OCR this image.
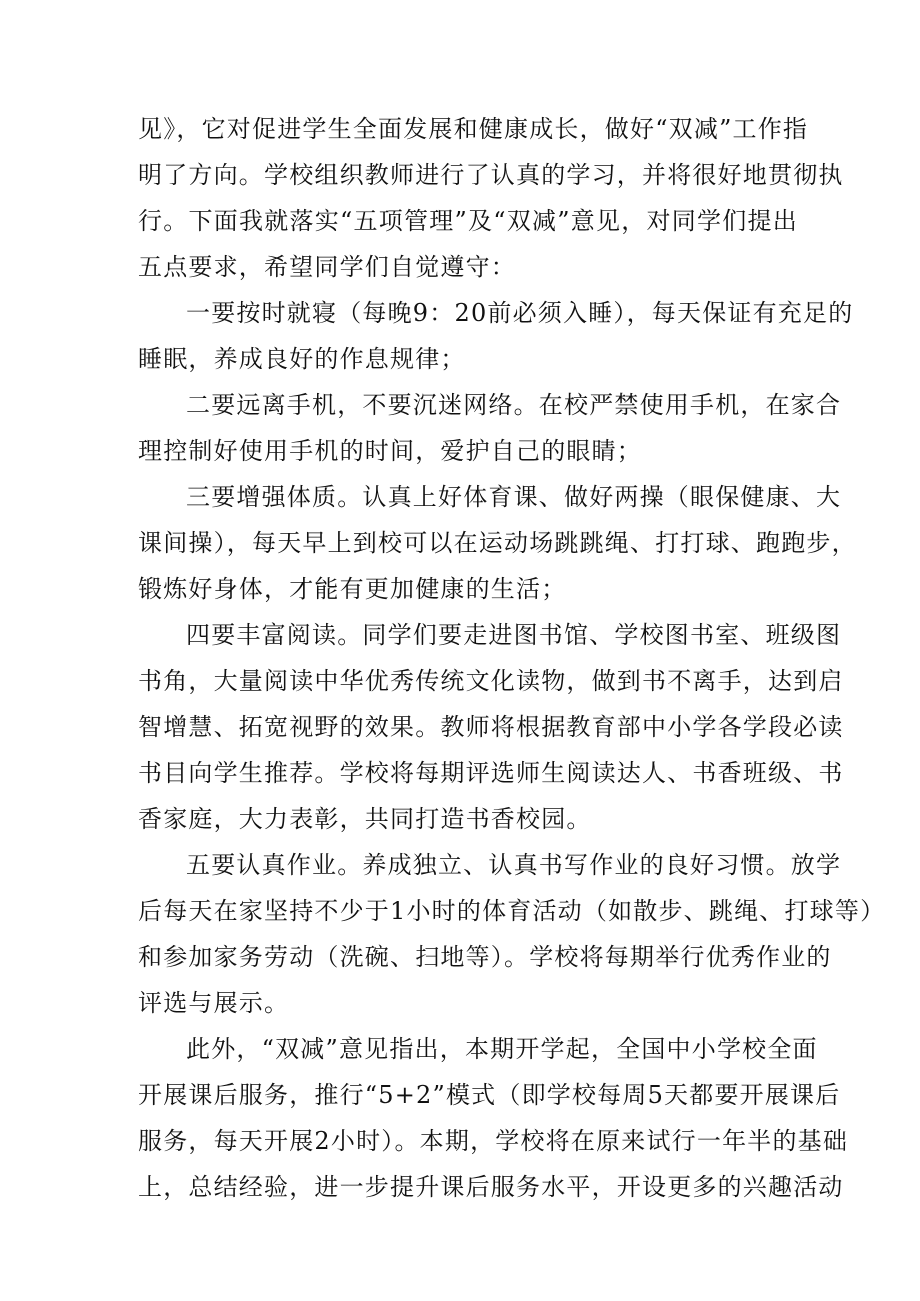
见》，它对促进学生全面发展和健康成长，做好“双减”工作指
明了方向。学校组织教师进行了认真的学习，并将很好地贯彻执
行。下面我就落实“五项管理”及“双减”意见，对同学们提出
五点要求，希望同学们自觉遵守：
一要按时就寝（每晚9：20前必须入睡），每天保证有充足的
睡眠，养成良好的作息规律；
二要远离手机，不要沉迷网络。在校严禁使用手机，在家合
理控制好使用手机的时间，爱护自己的眼睛；
三要增强体质。认真上好体育课、做好两操（眼保健康、大
课间操），每天早上到校可以在运动场跳跳绳、打打球、跑跑步，
锻炼好身体，才能有更加健康的生活；
四要丰富阅读。同学们要走进图书馆、学校图书室、班级图
书角，大量阅读中华优秀传统文化读物，做到书不离手，达到启
智增慧、拓宽视野的效果。教师将根据教育部中小学各学段必读
书目向学生推荐。学校将每期评选师生阅读达人、书香班级、书
香家庭，大力表彰，共同打造书香校园。
五要认真作业。养成独立、认真书写作业的良好习惯。放学
后每天在家坚持不少于1小时的体育活动（如散步、跳绳、打球等）
和参加家务劳动（洗碗、扫地等）。学校将每期举行优秀作业的
评选与展示。
此外，“双减”意见指出，本期开学起，全国中小学校全面
开展课后服务，推行“5+2”模式（即学校每周5天都要开展课后
服务，每天开展2小时）。本期，学校将在原来试行一年半的基础
上，总结经验，进一步提升课后服务水平，开设更多的兴趣活动
